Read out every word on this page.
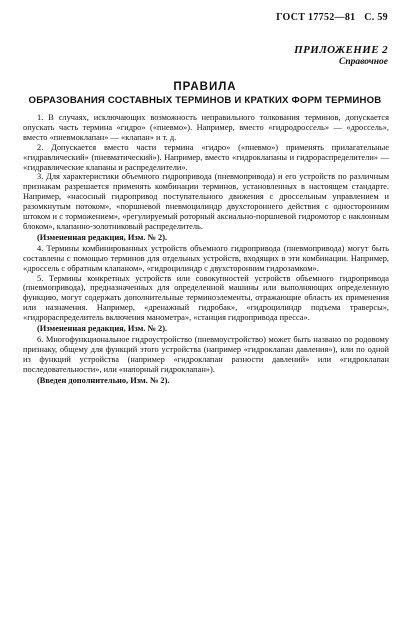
ГОСТ 17752—81 С. 59
ПРИЛОЖЕНИЕ 2
Справочное
ПРАВИЛА
ОБРАЗОВАНИЯ СОСТАВНЫХ ТЕРМИНОВ И КРАТКИХ ФОРМ ТЕРМИНОВ

1. В случаях, исключающих возможность неправильного толкования терминов, допускается опускать часть термина «гидро» («пневмо»). Например, вместо «гидродроссель» — «дроссель», вместо «пневмоклапан» — «клапан» и т. д.

2. Допускается вместо части термина «гидро» («пневмо») применять прилагательные «гидравлический» (пневматический»). Например, вместо «гидроклапаны и гидрораспределители» — «гидравлические клапаны и распределители».

3. Для характеристики объемного гидропривода (пневмопривода) и его устройств по различным признакам разрешается применять комбинации терминов, установленных в настоящем стандарте. Например, «насосный гидропривод поступательного движения с дроссельным управлением и разомкнутым потоком», «поршневой пневмоцилиндр двухстороннего действия с односторонним штоком и с торможением», «регулируемый роторный аксиально-поршневой гидромотор с наклонным блоком», клапанно-золотниковый распределитель.

(Измененная редакция, Изм. № 2).

4. Термины комбинированных устройств объемного гидропривода (пневмопривода) могут быть составлены с помощью терминов для отдельных устройств, входящих в эти комбинации. Например, «дроссель с обратным клапаном», «гидроцилиндр с двухсторонним гидрозамком».

5. Термины конкретных устройств или совокупностей устройств объемного гидропривода (пневмопривода), предназначенных для определенной машины или выполняющих определенную функцию, могут содержать дополнительные терминоэлементы, отражающие область их применения или назначения. Например, «дренажный гидробак», «гидроцилиндр подъема траверсы», «гидрораспределитель включения манометра», «станция гидропривода пресса».

(Измененная редакция, Изм. № 2).

6. Многофункциональное гидроустройство (пневмоустройство) может быть названо по родовому признаку, общему для функций этого устройства (например «гидроклапан давления»), или по одной из функций устройства (например «гидроклапан разности давлений» или «гидроклапан последовательности», или «напорный гидроклапан»).

(Введен дополнительно, Изм. № 2).
